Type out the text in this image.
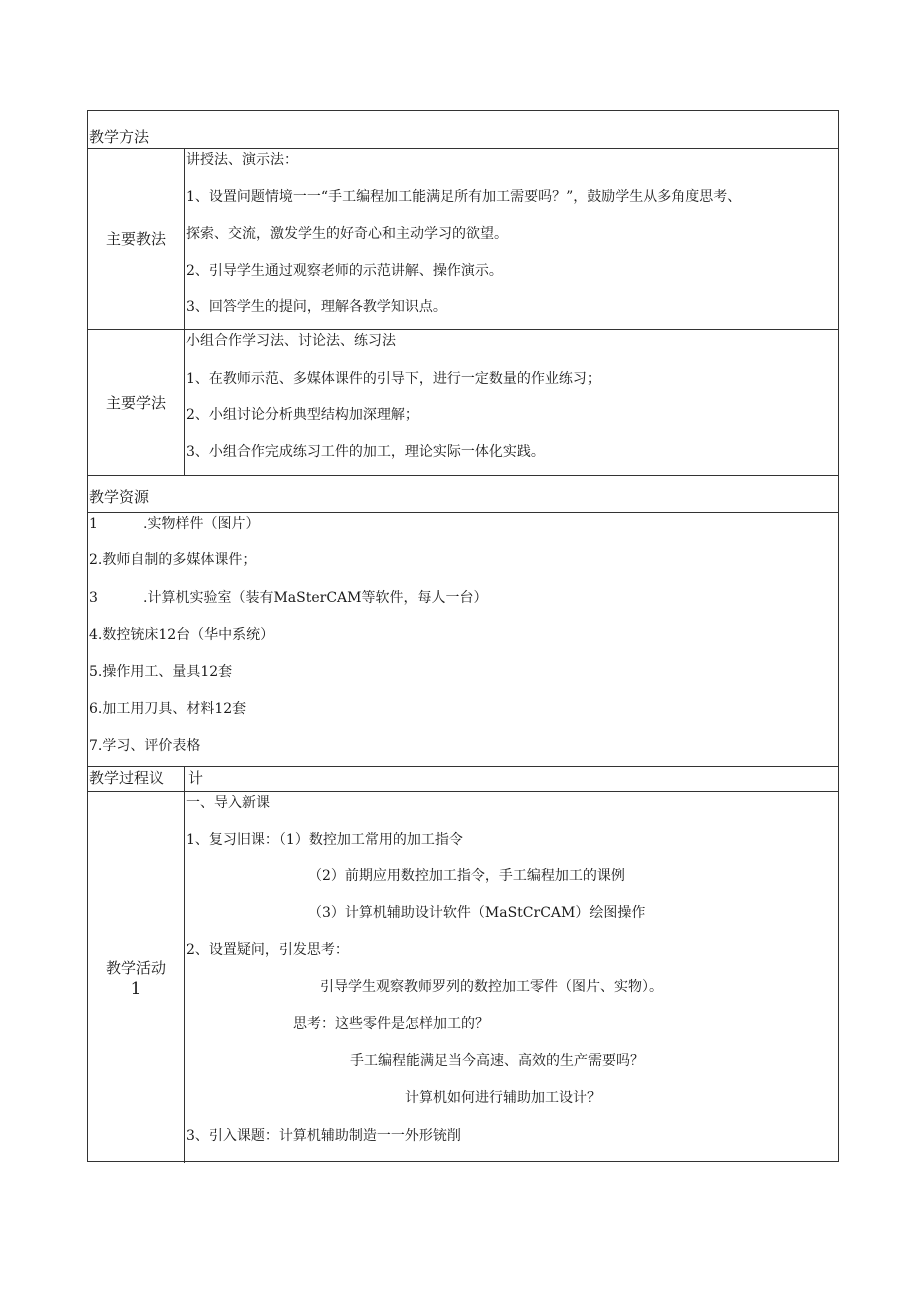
教学方法
主要教法
讲授法、演示法：
1、设置问题情境一一“手工编程加工能满足所有加工需要吗？”，鼓励学生从多角度思考、
探索、交流，激发学生的好奇心和主动学习的欲望。
2、引导学生通过观察老师的示范讲解、操作演示。
3、回答学生的提问，理解各教学知识点。
主要学法
小组合作学习法、讨论法、练习法
1、在教师示范、多媒体课件的引导下，进行一定数量的作业练习；
2、小组讨论分析典型结构加深理解；
3、小组合作完成练习工件的加工，理论实际一体化实践。
教学资源
1	.实物样件（图片）
2.教师自制的多媒体课件；
3	.计算机实验室（装有MaSterCAM等软件，每人一台）
4.数控铳床12台（华中系统）
5.操作用工、量具12套
6.加工用刀具、材料12套
7.学习、评价表格
教学过程议 计
教学活动
1
一、导入新课
1、复习旧课：（1）数控加工常用的加工指令
（2）前期应用数控加工指令，手工编程加工的课例
（3）计算机辅助设计软件（MaStCrCAM）绘图操作
2、设置疑问，引发思考：
引导学生观察教师罗列的数控加工零件（图片、实物）。
思考：这些零件是怎样加工的？
手工编程能满足当今高速、高效的生产需要吗？
计算机如何进行辅助加工设计？
3、引入课题：计算机辅助制造一一外形铳削
